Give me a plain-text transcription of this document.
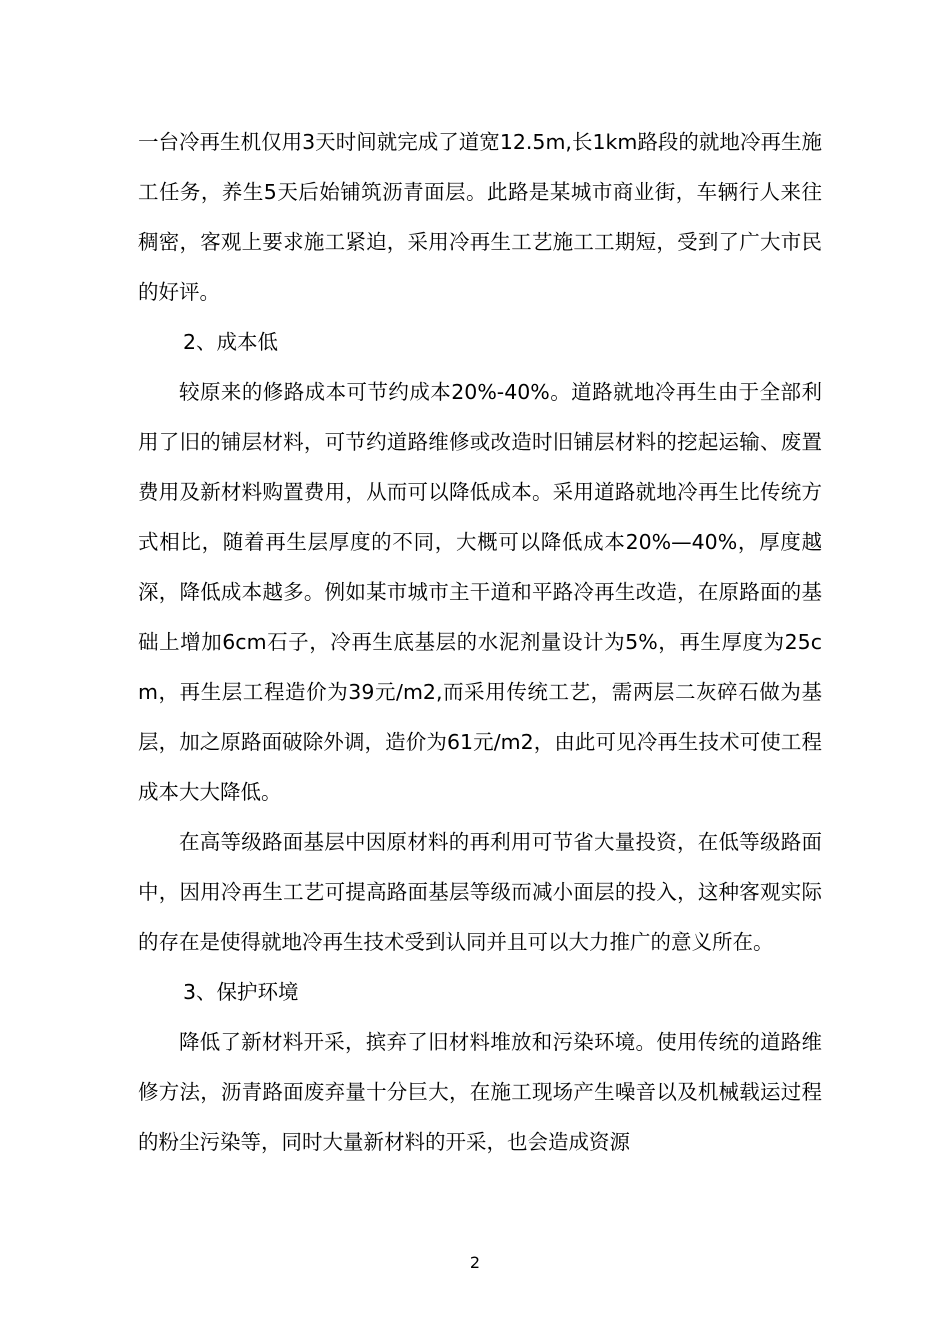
一台冷再生机仅用3天时间就完成了道宽12.5m,长1km路段的就地冷再生施工任务，养生5天后始铺筑沥青面层。此路是某城市商业街，车辆行人来往稠密，客观上要求施工紧迫，采用冷再生工艺施工工期短，受到了广大市民的好评。

2、成本低

较原来的修路成本可节约成本20%-40%。道路就地冷再生由于全部利用了旧的铺层材料，可节约道路维修或改造时旧铺层材料的挖起运输、废置费用及新材料购置费用，从而可以降低成本。采用道路就地冷再生比传统方式相比，随着再生层厚度的不同，大概可以降低成本20%—40%，厚度越深，降低成本越多。例如某市城市主干道和平路冷再生改造，在原路面的基础上增加6cm石子，冷再生底基层的水泥剂量设计为5%，再生厚度为25cm，再生层工程造价为39元/m2,而采用传统工艺，需两层二灰碎石做为基层，加之原路面破除外调，造价为61元/m2，由此可见冷再生技术可使工程成本大大降低。

在高等级路面基层中因原材料的再利用可节省大量投资，在低等级路面中，因用冷再生工艺可提高路面基层等级而减小面层的投入，这种客观实际的存在是使得就地冷再生技术受到认同并且可以大力推广的意义所在。

3、保护环境

降低了新材料开采，摈弃了旧材料堆放和污染环境。使用传统的道路维修方法，沥青路面废弃量十分巨大，在施工现场产生噪音以及机械载运过程的粉尘污染等，同时大量新材料的开采，也会造成资源

2
